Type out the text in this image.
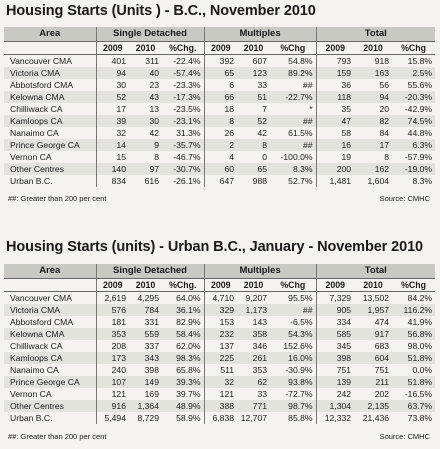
Housing Starts (Units ) - B.C., November 2010
Area	Single Detached			Multiples			Total		
	2009	2010	%Chg.	2009	2010	%Chg	2009	2010	%Chg
Vancouver CMA	401	311	-22.4%	392	607	54.8%	793	918	15.8%
Victoria CMA	94	40	-57.4%	65	123	89.2%	159	163	2.5%
Abbotsford CMA	30	23	-23.3%	6	33	##	36	56	55.6%
Kelowna CMA	52	43	-17.3%	66	51	-22.7%	118	94	-20.3%
Chilliwack CA	17	13	-23.5%	18	7	*	35	20	-42.9%
Kamloops CA	39	30	-23.1%	8	52	##	47	82	74.5%
Nanaimo CA	32	42	31.3%	26	42	61.5%	58	84	44.8%
Prince George CA	14	9	-35.7%	2	8	##	16	17	6.3%
Vernon CA	15	8	-46.7%	4	0	-100.0%	19	8	-57.9%
Other Centres	140	97	-30.7%	60	65	8.3%	200	162	-19.0%
Urban B.C.	834	616	-26.1%	647	988	52.7%	1,481	1,604	8.3%
##: Greater than 200 per cent	Source: CMHC
Housing Starts (units) - Urban B.C., January - November 2010
Area	Single Detached			Multiples			Total		
	2009	2010	%Chg.	2009	2010	%Chg	2009	2010	%Chg
Vancouver CMA	2,619	4,295	64.0%	4,710	9,207	95.5%	7,329	13,502	84.2%
Victoria CMA	576	784	36.1%	329	1,173	##	905	1,957	116.2%
Abbotsford CMA	181	331	82.9%	153	143	-6.5%	334	474	41.9%
Kelowna CMA	353	559	58.4%	232	358	54.3%	585	917	56.8%
Chilliwack CA	208	337	62.0%	137	346	152.6%	345	683	98.0%
Kamloops CA	173	343	98.3%	225	261	16.0%	398	604	51.8%
Nanaimo CA	240	398	65.8%	511	353	-30.9%	751	751	0.0%
Prince George CA	107	149	39.3%	32	62	93.8%	139	211	51.8%
Vernon CA	121	169	39.7%	121	33	-72.7%	242	202	-16.5%
Other Centres	916	1,364	48.9%	388	771	98.7%	1,304	2,135	63.7%
Urban B.C.	5,494	8,729	58.9%	6,838	12,707	85.8%	12,332	21,436	73.8%
##: Greater than 200 per cent	Source: CMHC
